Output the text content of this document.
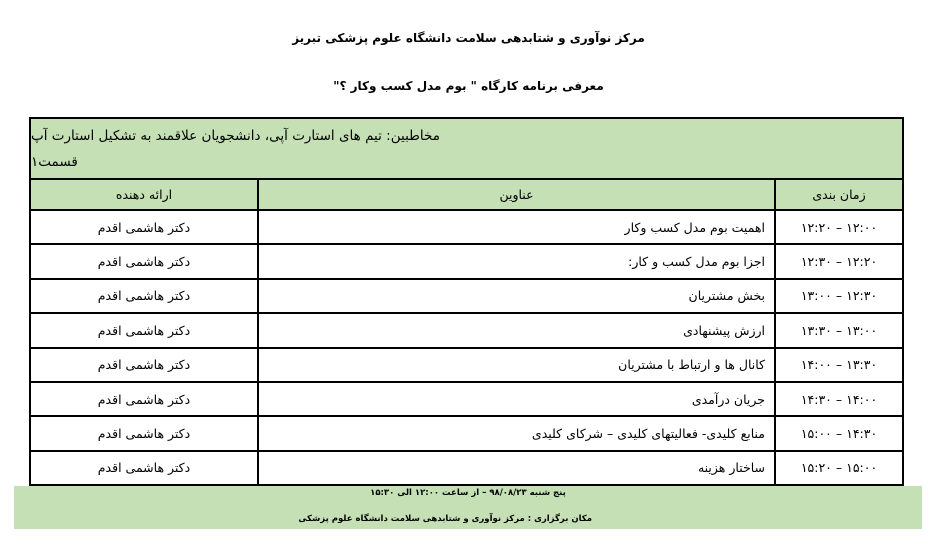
مرکز نوآوری و شتابدهی سلامت دانشگاه علوم پزشکی تبریز
معرفی برنامه کارگاه " بوم مدل کسب وکار ؟"
مخاطبین: تیم های استارت آپی، دانشجویان علاقمند به تشکیل استارت آپ
قسمت۱
ارائه دهنده	عناوین	زمان بندی
دکتر هاشمی اقدم	اهمیت بوم مدل کسب وکار	۱۲:۰۰ – ۱۲:۲۰
دکتر هاشمی اقدم	اجزا بوم مدل کسب و کار:	۱۲:۲۰ – ۱۲:۳۰
دکتر هاشمی اقدم	بخش مشتریان	۱۲:۳۰ – ۱۳:۰۰
دکتر هاشمی اقدم	ارزش پیشنهادی	۱۳:۰۰ – ۱۳:۳۰
دکتر هاشمی اقدم	کانال ها و ارتباط با مشتریان	۱۳:۳۰ – ۱۴:۰۰
دکتر هاشمی اقدم	جریان درآمدی	۱۴:۰۰ – ۱۴:۳۰
دکتر هاشمی اقدم	منابع کلیدی- فعالیتهای کلیدی – شرکای کلیدی	۱۴:۳۰ – ۱۵:۰۰
دکتر هاشمی اقدم	ساختار هزینه	۱۵:۰۰ – ۱۵:۲۰
پنج شنبه ۹۸/۰۸/۲۳ – از ساعت ۱۲:۰۰ الی ۱۵:۳۰
مکان برگزاری : مرکز نوآوری و شتابدهی سلامت دانشگاه علوم پزشکی
